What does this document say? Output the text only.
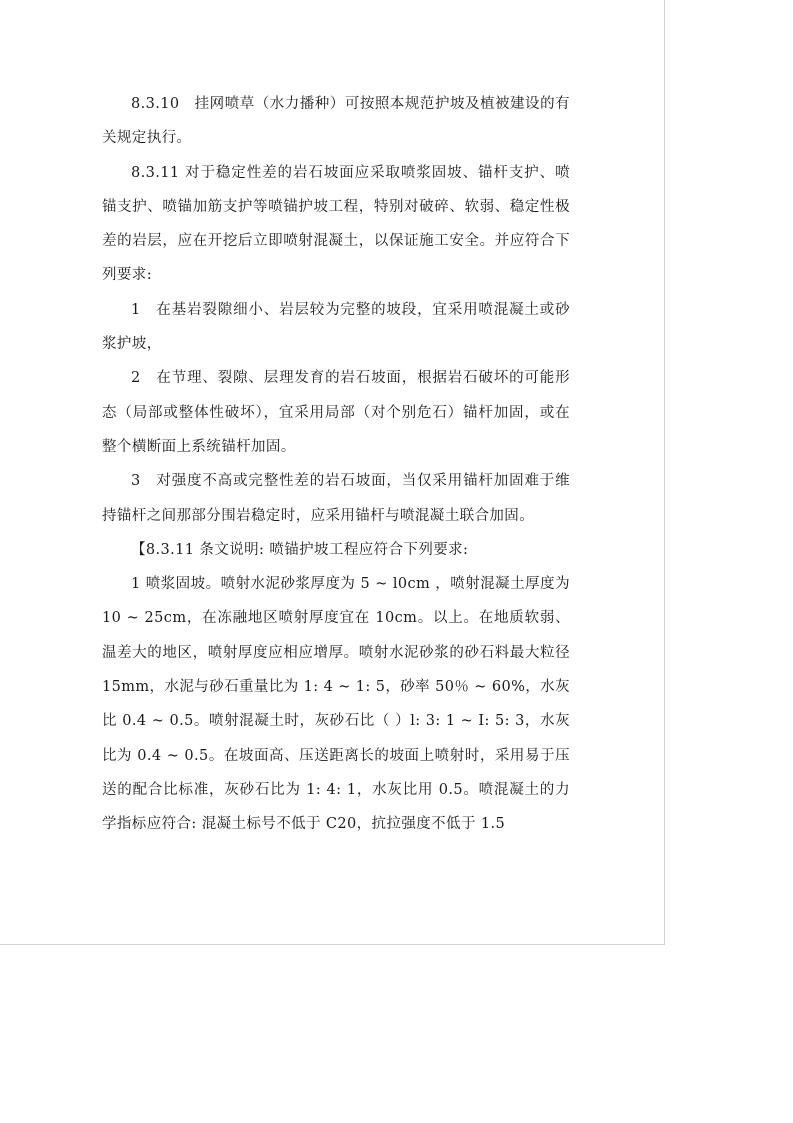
8.3.10　挂网喷草（水力播种）可按照本规范护坡及植被建设的有关规定执行。

8.3.11 对于稳定性差的岩石坡面应采取喷浆固坡、锚杆支护、喷锚支护、喷锚加筋支护等喷锚护坡工程，特别对破碎、软弱、稳定性极差的岩层，应在开挖后立即喷射混凝土，以保证施工安全。并应符合下列要求:

1　在基岩裂隙细小、岩层较为完整的坡段，宜采用喷混凝土或砂浆护坡，

2　在节理、裂隙、层理发育的岩石坡面，根据岩石破坏的可能形态（局部或整体性破坏），宜采用局部（对个别危石）锚杆加固，或在整个横断面上系统锚杆加固。

3　对强度不高或完整性差的岩石坡面，当仅采用锚杆加固难于维持锚杆之间那部分围岩稳定时，应采用锚杆与喷混凝土联合加固。

【8.3.11 条文说明: 喷锚护坡工程应符合下列要求:

1 喷浆固坡。喷射水泥砂浆厚度为 5 ~ l0cm ，喷射混凝土厚度为 10 ~ 25cm，在冻融地区喷射厚度宜在 10cm。以上。在地质软弱、温差大的地区，喷射厚度应相应增厚。喷射水泥砂浆的砂石料最大粒径 15mm，水泥与砂石重量比为 1: 4 ~ 1: 5，砂率 50％ ~ 60%，水灰比 0.4 ~ 0.5。喷射混凝土时，灰砂石比（ ）l: 3: 1 ~ I: 5: 3，水灰比为 0.4 ~ 0.5。在坡面高、压送距离长的坡面上喷射时，采用易于压送的配合比标准，灰砂石比为 1: 4: 1，水灰比用 0.5。喷混凝土的力学指标应符合: 混凝土标号不低于 C20，抗拉强度不低于 1.5
